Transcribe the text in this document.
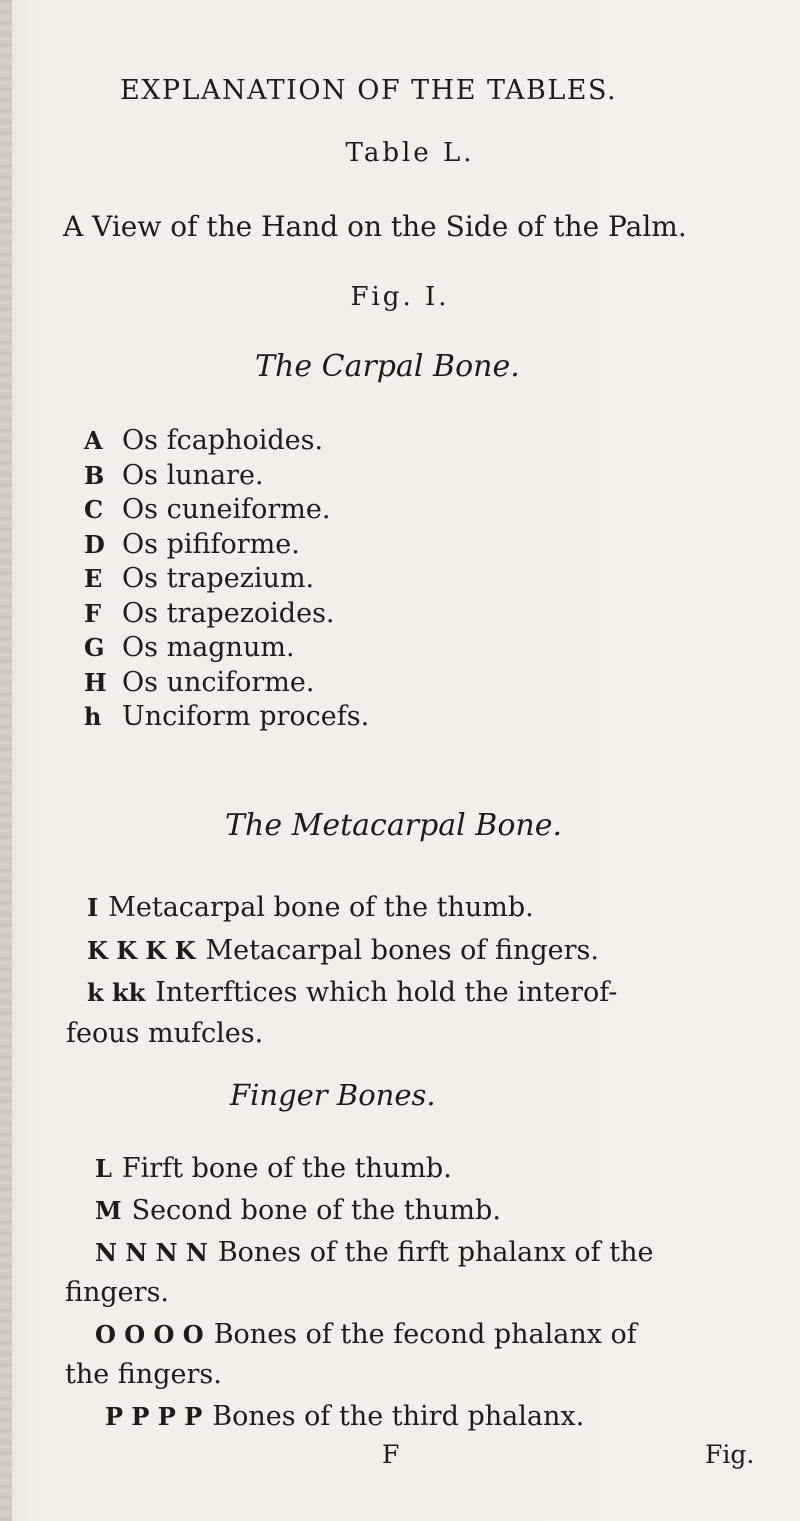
EXPLANATION OF THE TABLES.
Table L.
A View of the Hand on the Side of the Palm.
Fig. I.
The Carpal Bone.
A Os fcaphoides.
B Os lunare.
C Os cuneiforme.
D Os pififorme.
E Os trapezium.
F Os trapezoides.
G Os magnum.
H Os unciforme.
h Unciform procefs.
The Metacarpal Bone.
I Metacarpal bone of the thumb.
K K K K Metacarpal bones of fingers.
k kk Interftices which hold the interof-
feous mufcles.
Finger Bones.
L Firft bone of the thumb.
M Second bone of the thumb.
N N N N Bones of the firft phalanx of the
fingers.
O O O O Bones of the fecond phalanx of
the fingers.
P P P P Bones of the third phalanx.
F	Fig.
